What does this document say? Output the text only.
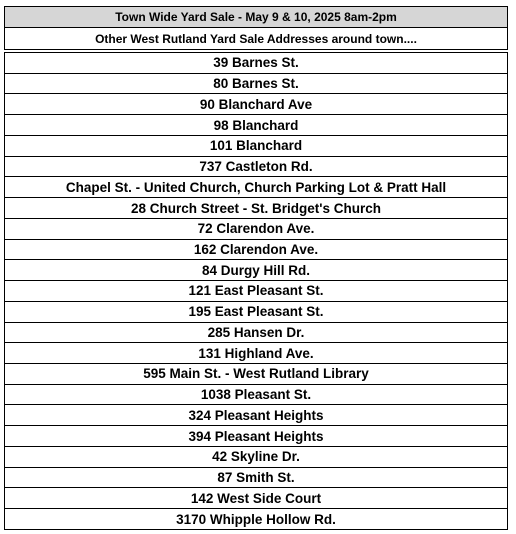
Town Wide Yard Sale - May 9 & 10, 2025 8am-2pm
Other West Rutland Yard Sale Addresses around town....
39 Barnes St.
80 Barnes St.
90 Blanchard Ave
98 Blanchard
101 Blanchard
737 Castleton Rd.
Chapel St. - United Church, Church Parking Lot & Pratt Hall
28 Church Street - St. Bridget's Church
72 Clarendon Ave.
162 Clarendon Ave.
84 Durgy Hill Rd.
121 East Pleasant St.
195 East Pleasant St.
285 Hansen Dr.
131 Highland Ave.
595 Main St. - West Rutland Library
1038 Pleasant St.
324 Pleasant Heights
394 Pleasant Heights
42 Skyline Dr.
87 Smith St.
142 West Side Court
3170 Whipple Hollow Rd.
